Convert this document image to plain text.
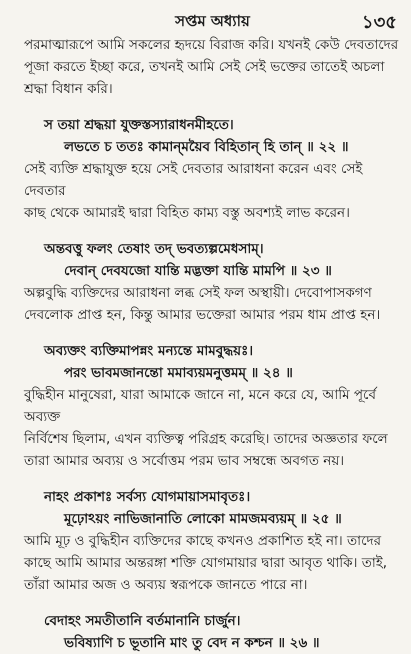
সপ্তম অধ্যায়	১৩৫

পরমাত্মারূপে আমি সকলের হৃদয়ে বিরাজ করি। যখনই কেউ দেবতাদের
পূজা করতে ইচ্ছা করে, তখনই আমি সেই সেই ভক্তের তাতেই অচলা
শ্রদ্ধা বিধান করি।

স তয়া শ্রদ্ধয়া যুক্তস্তস্যারাধনমীহতে।
লভতে চ ততঃ কামান্‌ময়ৈব বিহিতান্‌ হি তান্‌ ॥ ২২ ॥

সেই ব্যক্তি শ্রদ্ধাযুক্ত হয়ে সেই দেবতার আরাধনা করেন এবং সেই দেবতার
কাছ থেকে আমারই দ্বারা বিহিত কাম্য বস্তু অবশ্যই লাভ করেন।

অন্তবত্তু ফলং তেষাং তদ্‌ ভবত্যল্পমেধসাম্‌।
দেবান্‌ দেবযজো যান্তি মদ্ভক্তা যান্তি মামপি ॥ ২৩ ॥

অল্পবুদ্ধি ব্যক্তিদের আরাধনা লব্ধ সেই ফল অস্থায়ী। দেবোপাসকগণ
দেবলোক প্রাপ্ত হন, কিন্তু আমার ভক্তেরা আমার পরম ধাম প্রাপ্ত হন।

অব্যক্তং ব্যক্তিমাপন্নং মন্যন্তে মামবুদ্ধয়ঃ।
পরং ভাবমজানন্তো মমাব্যয়মনুত্তমম্‌ ॥ ২৪ ॥

বুদ্ধিহীন মানুষেরা, যারা আমাকে জানে না, মনে করে যে, আমি পূর্বে অব্যক্ত
নির্বিশেষ ছিলাম, এখন ব্যক্তিত্ব পরিগ্রহ করেছি। তাদের অজ্ঞতার ফলে
তারা আমার অব্যয় ও সর্বোত্তম পরম ভাব সম্বন্ধে অবগত নয়।

নাহং প্রকাশঃ সর্বস্য যোগমায়াসমাবৃতঃ।
মূঢ়োঽয়ং নাভিজানাতি লোকো মামজমব্যয়ম্‌ ॥ ২৫ ॥

আমি মূঢ় ও বুদ্ধিহীন ব্যক্তিদের কাছে কখনও প্রকাশিত হই না। তাদের
কাছে আমি আমার অন্তরঙ্গা শক্তি যোগমায়ার দ্বারা আবৃত থাকি। তাই,
তাঁরা আমার অজ ও অব্যয় স্বরূপকে জানতে পারে না।

বেদাহং সমতীতানি বর্তমানানি চার্জুন।
ভবিষ্যাণি চ ভূতানি মাং তু বেদ ন কশ্চন ॥ ২৬ ॥
